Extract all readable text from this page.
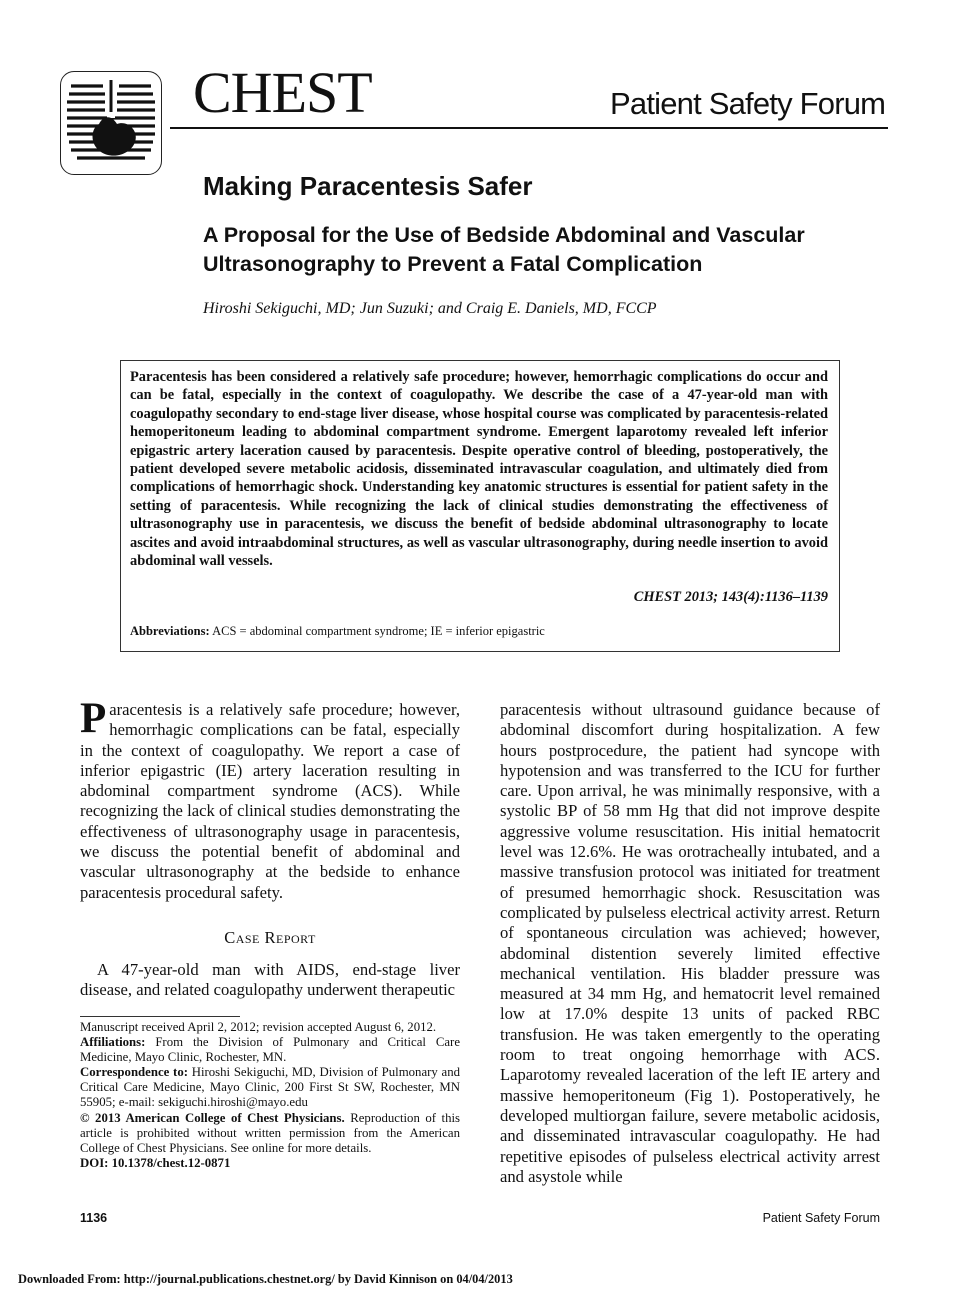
CHEST	Patient Safety Forum
Making Paracentesis Safer
A Proposal for the Use of Bedside Abdominal and Vascular Ultrasonography to Prevent a Fatal Complication
Hiroshi Sekiguchi, MD; Jun Suzuki; and Craig E. Daniels, MD, FCCP
Paracentesis has been considered a relatively safe procedure; however, hemorrhagic complications do occur and can be fatal, especially in the context of coagulopathy. We describe the case of a 47-year-old man with coagulopathy secondary to end-stage liver disease, whose hospital course was complicated by paracentesis-related hemoperitoneum leading to abdominal compartment syndrome. Emergent laparotomy revealed left inferior epigastric artery laceration caused by paracentesis. Despite operative control of bleeding, postoperatively, the patient developed severe metabolic acidosis, disseminated intravascular coagulation, and ultimately died from complications of hemorrhagic shock. Understanding key anatomic structures is essential for patient safety in the setting of paracentesis. While recognizing the lack of clinical studies demonstrating the effectiveness of ultrasonography use in paracentesis, we discuss the benefit of bedside abdominal ultrasonography to locate ascites and avoid intraabdominal structures, as well as vascular ultrasonography, during needle insertion to avoid abdominal wall vessels.
CHEST 2013; 143(4):1136–1139
Abbreviations: ACS = abdominal compartment syndrome; IE = inferior epigastric
Paracentesis is a relatively safe procedure; however, hemorrhagic complications can be fatal, especially in the context of coagulopathy. We report a case of inferior epigastric (IE) artery laceration resulting in abdominal compartment syndrome (ACS). While recognizing the lack of clinical studies demonstrating the effectiveness of ultrasonography usage in paracentesis, we discuss the potential benefit of abdominal and vascular ultrasonography at the bedside to enhance paracentesis procedural safety.
Case Report
A 47-year-old man with AIDS, end-stage liver disease, and related coagulopathy underwent therapeutic

Manuscript received April 2, 2012; revision accepted August 6, 2012.

Affiliations: From the Division of Pulmonary and Critical Care Medicine, Mayo Clinic, Rochester, MN.

Correspondence to: Hiroshi Sekiguchi, MD, Division of Pulmonary and Critical Care Medicine, Mayo Clinic, 200 First St SW, Rochester, MN 55905; e-mail: sekiguchi.hiroshi@mayo.edu

© 2013 American College of Chest Physicians. Reproduction of this article is prohibited without written permission from the American College of Chest Physicians. See online for more details.

DOI: 10.1378/chest.12-0871

paracentesis without ultrasound guidance because of abdominal discomfort during hospitalization. A few hours postprocedure, the patient had syncope with hypotension and was transferred to the ICU for further care. Upon arrival, he was minimally responsive, with a systolic BP of 58 mm Hg that did not improve despite aggressive volume resuscitation. His initial hematocrit level was 12.6%. He was orotracheally intubated, and a massive transfusion protocol was initiated for treatment of presumed hemorrhagic shock. Resuscitation was complicated by pulseless electrical activity arrest. Return of spontaneous circulation was achieved; however, abdominal distention severely limited effective mechanical ventilation. His bladder pressure was measured at 34 mm Hg, and hematocrit level remained low at 17.0% despite 13 units of packed RBC transfusion. He was taken emergently to the operating room to treat ongoing hemorrhage with ACS. Laparotomy revealed laceration of the left IE artery and massive hemoperitoneum (Fig 1). Postoperatively, he developed multiorgan failure, severe metabolic acidosis, and disseminated intravascular coagulopathy. He had repetitive episodes of pulseless electrical activity arrest and asystole while
1136	Patient Safety Forum
Downloaded From: http://journal.publications.chestnet.org/ by David Kinnison on 04/04/2013
